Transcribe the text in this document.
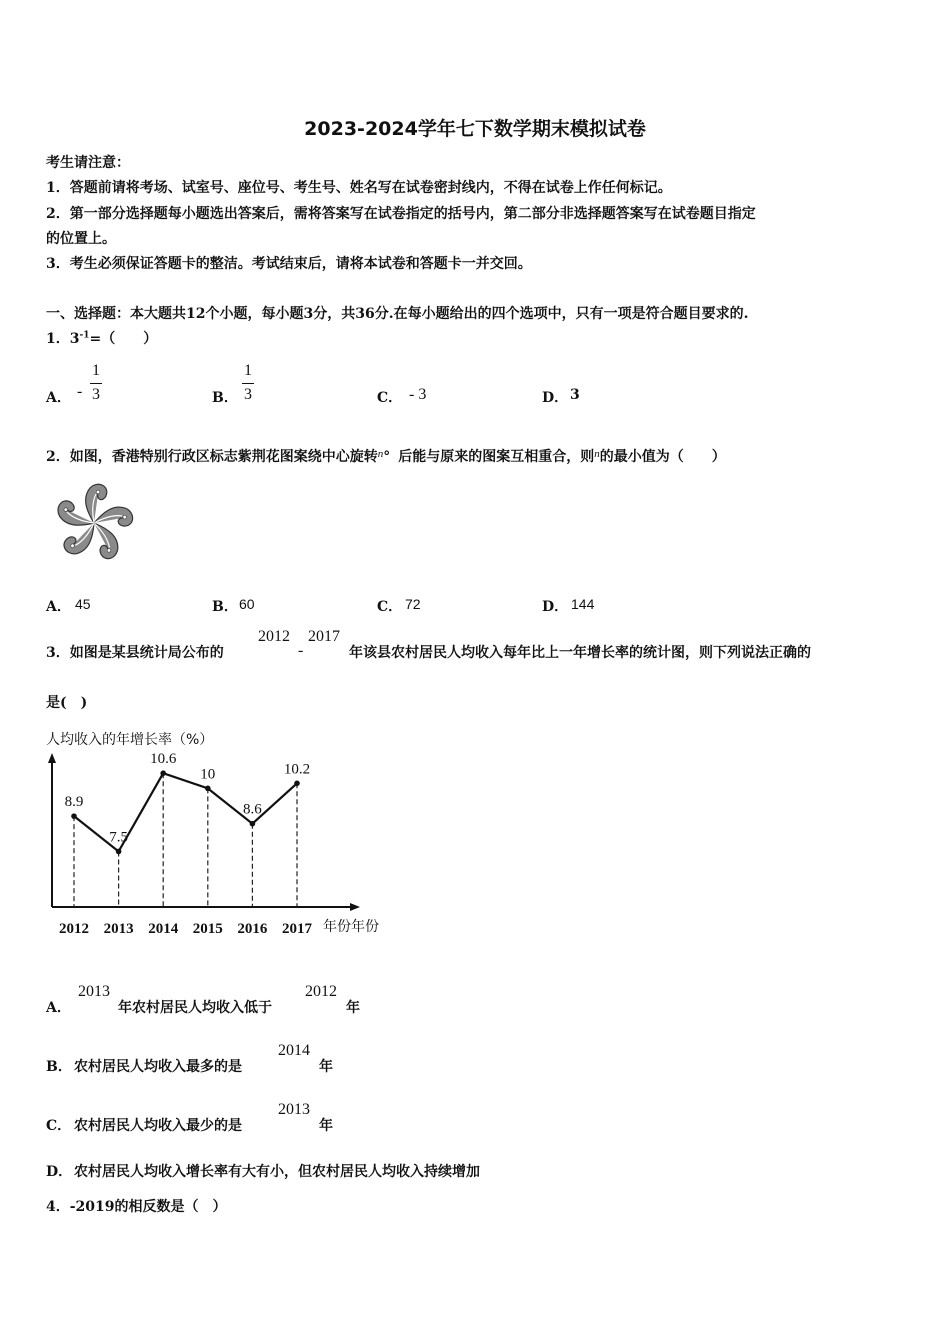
2023-2024学年七下数学期末模拟试卷
考生请注意：
1．答题前请将考场、试室号、座位号、考生号、姓名写在试卷密封线内，不得在试卷上作任何标记。
2．第一部分选择题每小题选出答案后，需将答案写在试卷指定的括号内，第二部分非选择题答案写在试卷题目指定
的位置上。
3．考生必须保证答题卡的整洁。考试结束后，请将本试卷和答题卡一并交回。
一、选择题：本大题共12个小题，每小题3分，共36分.在每小题给出的四个选项中，只有一项是符合题目要求的.
1．$3^{-1}=$（　　）
A． -
1
3	B．
1
3	C． - 3	D． 3
2．如图，香港特别行政区标志紫荆花图案绕中心旋转$^n$° 后能与原来的图案互相重合，则$^n$的最小值为（　　）
A． 45	B． 60	C． 72	D． 144
3．如图是某县统计局公布的
2012
-
2017
年该县农村居民人均收入每年比上一年增长率的统计图，则下列说法正确的
是(　)
人均收入的年增长率（%）
8.9
7.5
10.6
10
8.6
10.2
2012 2013 2014 2015 2016 2017 年份年份
A．
2013
年农村居民人均收入低于
2012
年
B． 农村居民人均收入最多的是
2014
年
C． 农村居民人均收入最少的是
2013
年
D． 农村居民人均收入增长率有大有小，但农村居民人均收入持续增加
4．-2019的相反数是（　）
